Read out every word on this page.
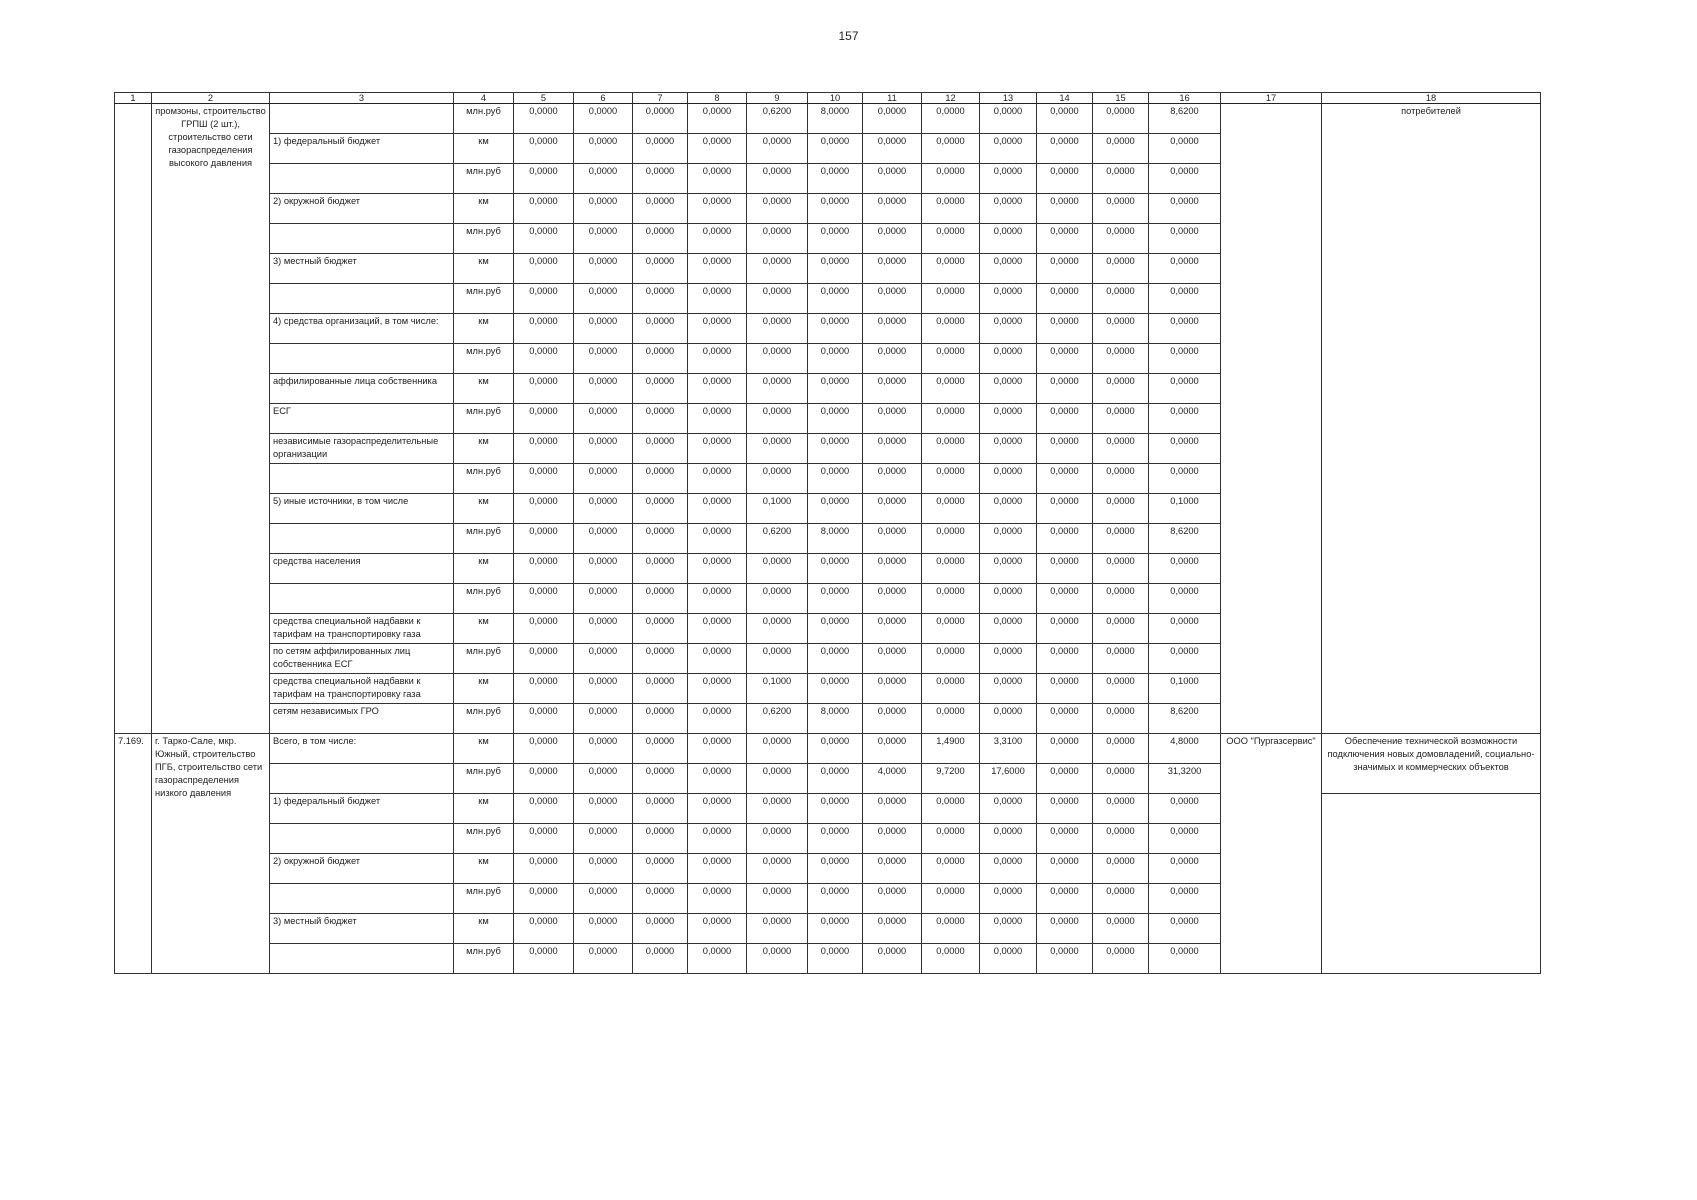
157
1	2	3	4	5	6	7	8	9	10	11	12	13	14	15	16	17	18
	промзоны, строительство ГРПШ (2 шт.), строительство сети газораспределения высокого давления		млн.руб	0,0000	0,0000	0,0000	0,0000	0,6200	8,0000	0,0000	0,0000	0,0000	0,0000	0,0000	8,6200		потребителей
		1) федеральный бюджет	км	0,0000	0,0000	0,0000	0,0000	0,0000	0,0000	0,0000	0,0000	0,0000	0,0000	0,0000	0,0000		
			млн.руб	0,0000	0,0000	0,0000	0,0000	0,0000	0,0000	0,0000	0,0000	0,0000	0,0000	0,0000	0,0000		
		2) окружной бюджет	км	0,0000	0,0000	0,0000	0,0000	0,0000	0,0000	0,0000	0,0000	0,0000	0,0000	0,0000	0,0000		
			млн.руб	0,0000	0,0000	0,0000	0,0000	0,0000	0,0000	0,0000	0,0000	0,0000	0,0000	0,0000	0,0000		
		3) местный бюджет	км	0,0000	0,0000	0,0000	0,0000	0,0000	0,0000	0,0000	0,0000	0,0000	0,0000	0,0000	0,0000		
			млн.руб	0,0000	0,0000	0,0000	0,0000	0,0000	0,0000	0,0000	0,0000	0,0000	0,0000	0,0000	0,0000		
		4) средства организаций, в том числе:	км	0,0000	0,0000	0,0000	0,0000	0,0000	0,0000	0,0000	0,0000	0,0000	0,0000	0,0000	0,0000		
			млн.руб	0,0000	0,0000	0,0000	0,0000	0,0000	0,0000	0,0000	0,0000	0,0000	0,0000	0,0000	0,0000		
		аффилированные лица собственника	км	0,0000	0,0000	0,0000	0,0000	0,0000	0,0000	0,0000	0,0000	0,0000	0,0000	0,0000	0,0000		
		ЕСГ	млн.руб	0,0000	0,0000	0,0000	0,0000	0,0000	0,0000	0,0000	0,0000	0,0000	0,0000	0,0000	0,0000		
		независимые газораспределительные организации	км	0,0000	0,0000	0,0000	0,0000	0,0000	0,0000	0,0000	0,0000	0,0000	0,0000	0,0000	0,0000		
			млн.руб	0,0000	0,0000	0,0000	0,0000	0,0000	0,0000	0,0000	0,0000	0,0000	0,0000	0,0000	0,0000		
		5) иные источники, в том числе	км	0,0000	0,0000	0,0000	0,0000	0,1000	0,0000	0,0000	0,0000	0,0000	0,0000	0,0000	0,1000		
			млн.руб	0,0000	0,0000	0,0000	0,0000	0,6200	8,0000	0,0000	0,0000	0,0000	0,0000	0,0000	8,6200		
		средства населения	км	0,0000	0,0000	0,0000	0,0000	0,0000	0,0000	0,0000	0,0000	0,0000	0,0000	0,0000	0,0000		
			млн.руб	0,0000	0,0000	0,0000	0,0000	0,0000	0,0000	0,0000	0,0000	0,0000	0,0000	0,0000	0,0000		
		средства специальной надбавки к тарифам на транспортировку газа	км	0,0000	0,0000	0,0000	0,0000	0,0000	0,0000	0,0000	0,0000	0,0000	0,0000	0,0000	0,0000		
		по сетям аффилированных лиц собственника ЕСГ	млн.руб	0,0000	0,0000	0,0000	0,0000	0,0000	0,0000	0,0000	0,0000	0,0000	0,0000	0,0000	0,0000		
		средства специальной надбавки к тарифам на транспортировку газа	км	0,0000	0,0000	0,0000	0,0000	0,1000	0,0000	0,0000	0,0000	0,0000	0,0000	0,0000	0,1000		
		сетям независимых ГРО	млн.руб	0,0000	0,0000	0,0000	0,0000	0,6200	8,0000	0,0000	0,0000	0,0000	0,0000	0,0000	8,6200		
7.169.	г. Тарко-Сале, мкр. Южный, строительство ПГБ, строительство сети газораспределения низкого давления	Всего, в том числе:	км	0,0000	0,0000	0,0000	0,0000	0,0000	0,0000	0,0000	1,4900	3,3100	0,0000	0,0000	4,8000	ООО "Пургазсервис"	Обеспечение технической возможности подключения новых домовладений, социально-значимых и коммерческих объектов
			млн.руб	0,0000	0,0000	0,0000	0,0000	0,0000	0,0000	4,0000	9,7200	17,6000	0,0000	0,0000	31,3200		
		1) федеральный бюджет	км	0,0000	0,0000	0,0000	0,0000	0,0000	0,0000	0,0000	0,0000	0,0000	0,0000	0,0000	0,0000		
			млн.руб	0,0000	0,0000	0,0000	0,0000	0,0000	0,0000	0,0000	0,0000	0,0000	0,0000	0,0000	0,0000		
		2) окружной бюджет	км	0,0000	0,0000	0,0000	0,0000	0,0000	0,0000	0,0000	0,0000	0,0000	0,0000	0,0000	0,0000		
			млн.руб	0,0000	0,0000	0,0000	0,0000	0,0000	0,0000	0,0000	0,0000	0,0000	0,0000	0,0000	0,0000		
		3) местный бюджет	км	0,0000	0,0000	0,0000	0,0000	0,0000	0,0000	0,0000	0,0000	0,0000	0,0000	0,0000	0,0000		
			млн.руб	0,0000	0,0000	0,0000	0,0000	0,0000	0,0000	0,0000	0,0000	0,0000	0,0000	0,0000	0,0000		
